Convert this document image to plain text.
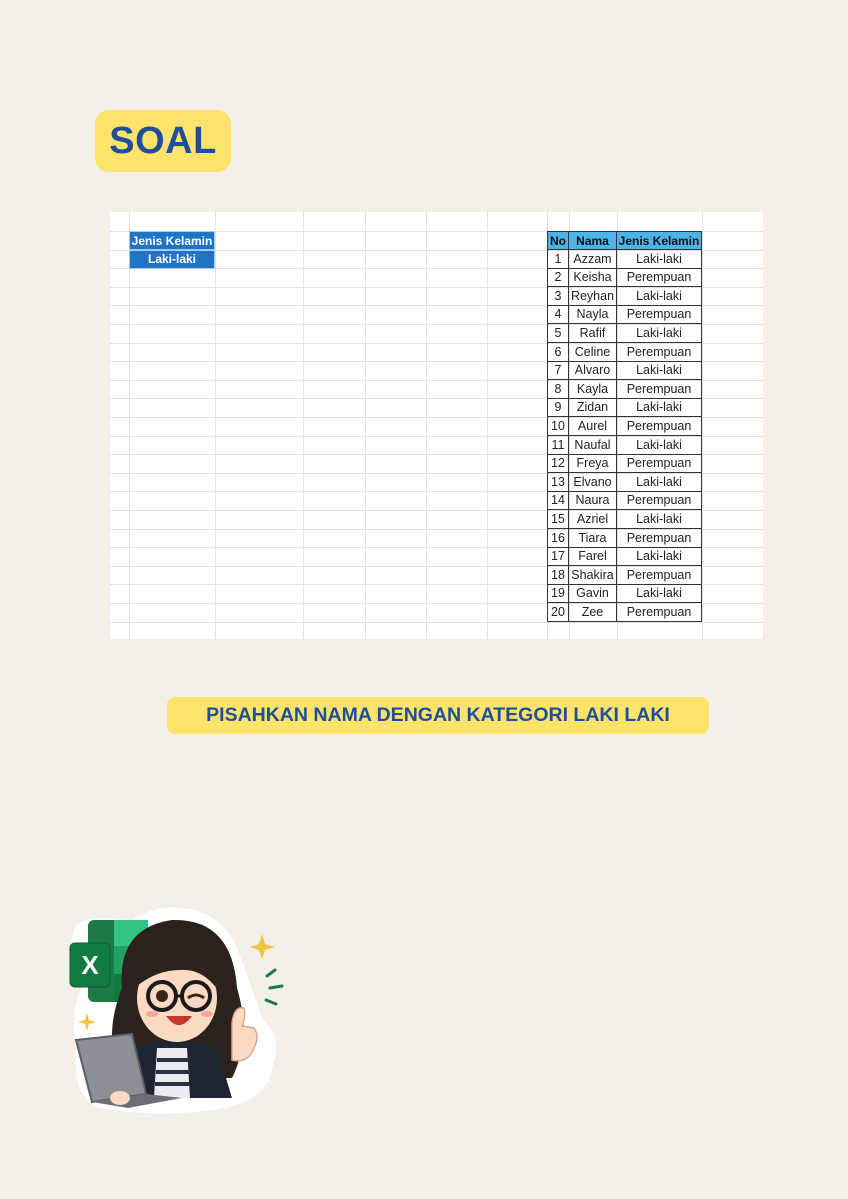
SOAL
Jenis Kelamin
Laki-laki
No Nama Jenis Kelamin
1 Azzam	Laki-laki
2 Keisha	Perempuan
3 Reyhan	Laki-laki
4	Nayla	Perempuan
5	Rafif	Laki-laki
6	Celine	Perempuan
7	Alvaro	Laki-laki
8	Kayla	Perempuan
9	Zidan	Laki-laki
10	Aurel	Perempuan
11 Naufal	Laki-laki
12 Freya	Perempuan
13 Elvano	Laki-laki
14 Naura	Perempuan
15 Azriel	Laki-laki
16	Tiara	Perempuan
17	Farel	Laki-laki
18 Shakira	Perempuan
19 Gavin	Laki-laki
20	Zee	Perempuan
PISAHKAN NAMA DENGAN KATEGORI LAKI LAKI
X
